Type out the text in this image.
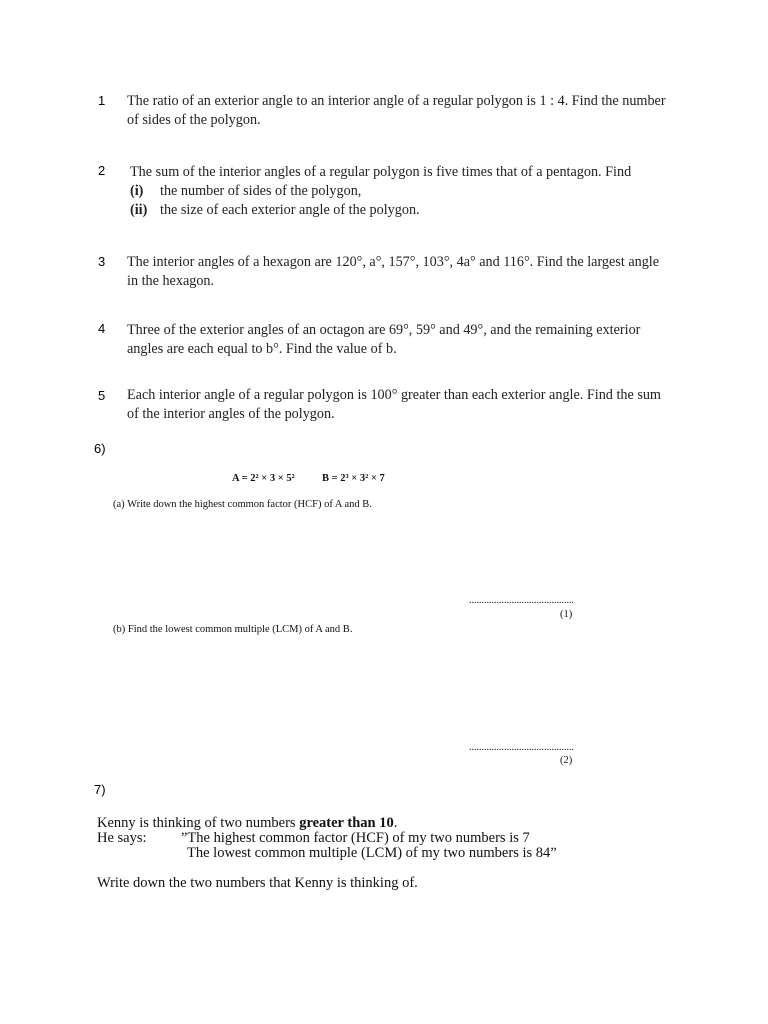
1 The ratio of an exterior angle to an interior angle of a regular polygon is 1 : 4. Find the number
of sides of the polygon.
2 The sum of the interior angles of a regular polygon is five times that of a pentagon. Find
(i) the number of sides of the polygon,
(ii) the size of each exterior angle of the polygon.
3 The interior angles of a hexagon are 120°, a°, 157°, 103°, 4a° and 116°. Find the largest angle
in the hexagon.
4 Three of the exterior angles of an octagon are 69°, 59° and 49°, and the remaining exterior
angles are each equal to b°. Find the value of b.
5 Each interior angle of a regular polygon is 100° greater than each exterior angle. Find the sum
of the interior angles of the polygon.
6)
A = 2² × 3 × 5²	B = 2³ × 3² × 7
(a) Write down the highest common factor (HCF) of A and B.
..........................................
(1)
(b) Find the lowest common multiple (LCM) of A and B.
..........................................
(2)
7)
Kenny is thinking of two numbers greater than 10.
He says: ”The highest common factor (HCF) of my two numbers is 7
The lowest common multiple (LCM) of my two numbers is 84”
Write down the two numbers that Kenny is thinking of.
